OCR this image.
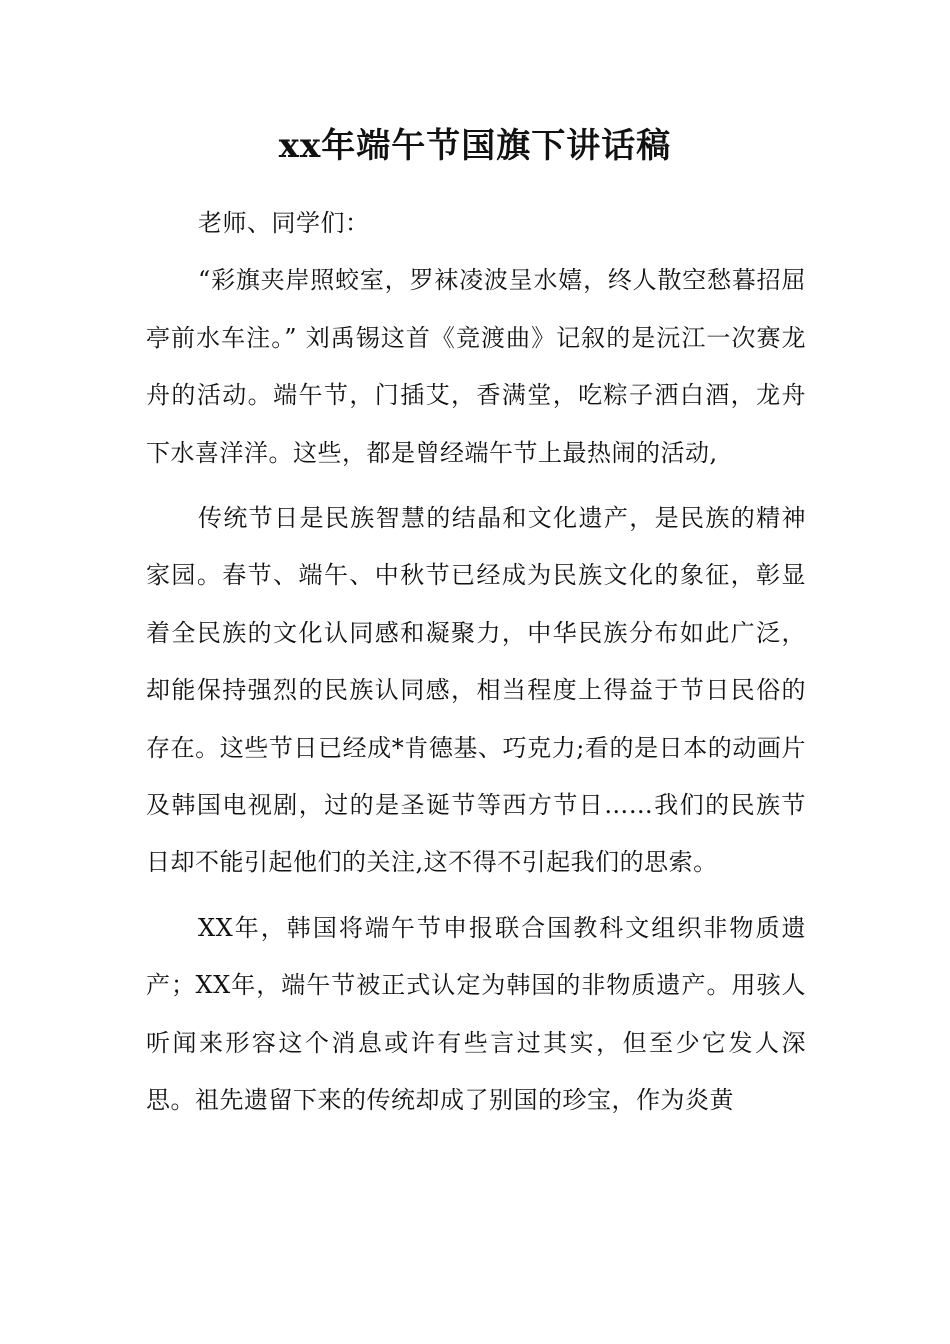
xx年端午节国旗下讲话稿

老师、同学们：

“彩旗夹岸照蛟室，罗袜凌波呈水嬉，终人散空愁暮招屈亭前水车注。” 刘禹锡这首《竞渡曲》记叙的是沅江一次赛龙舟的活动。端午节，门插艾，香满堂，吃粽子洒白酒，龙舟下水喜洋洋。这些，都是曾经端午节上最热闹的活动,

传统节日是民族智慧的结晶和文化遗产，是民族的精神家园。春节、端午、中秋节已经成为民族文化的象征，彰显着全民族的文化认同感和凝聚力，中华民族分布如此广泛，却能保持强烈的民族认同感，相当程度上得益于节日民俗的存在。这些节日已经成*肯德基、巧克力;看的是日本的动画片及韩国电视剧，过的是圣诞节等西方节日……我们的民族节日却不能引起他们的关注,这不得不引起我们的思索。

XX年，韩国将端午节申报联合国教科文组织非物质遗产；XX年，端午节被正式认定为韩国的非物质遗产。用骇人听闻来形容这个消息或许有些言过其实，但至少它发人深思。祖先遗留下来的传统却成了别国的珍宝，作为炎黄
